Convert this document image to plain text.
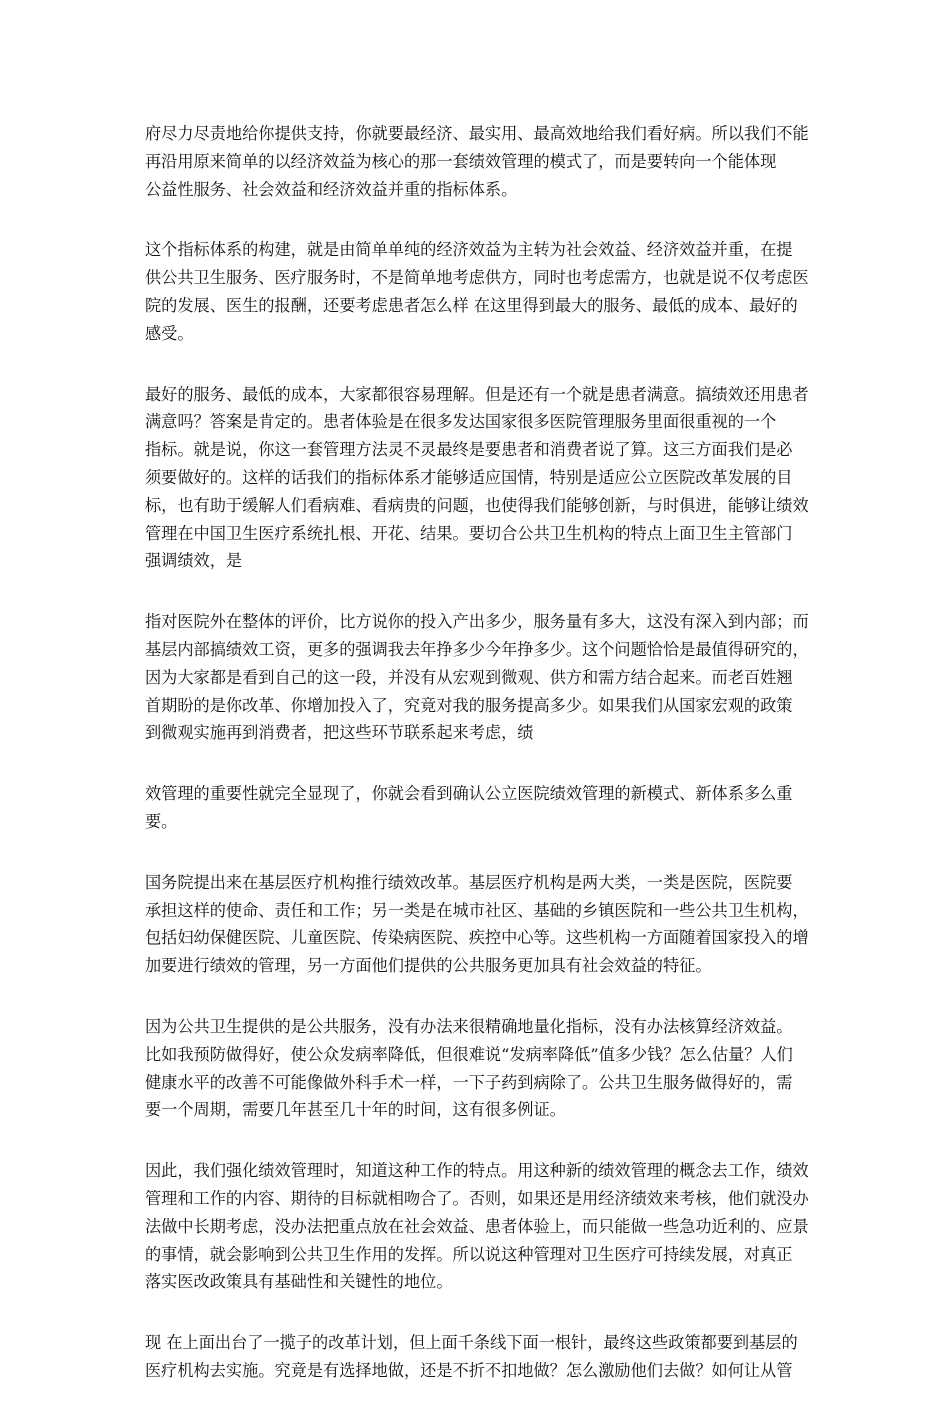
府尽力尽责地给你提供支持，你就要最经济、最实用、最高效地给我们看好病。所以我们不能
再沿用原来简单的以经济效益为核心的那一套绩效管理的模式了，而是要转向一个能体现
公益性服务、社会效益和经济效益并重的指标体系。

这个指标体系的构建，就是由简单单纯的经济效益为主转为社会效益、经济效益并重，在提
供公共卫生服务、医疗服务时，不是简单地考虑供方，同时也考虑需方，也就是说不仅考虑医
院的发展、医生的报酬，还要考虑患者怎么样 在这里得到最大的服务、最低的成本、最好的
感受。

最好的服务、最低的成本，大家都很容易理解。但是还有一个就是患者满意。搞绩效还用患者
满意吗？答案是肯定的。患者体验是在很多发达国家很多医院管理服务里面很重视的一个
指标。就是说，你这一套管理方法灵不灵最终是要患者和消费者说了算。这三方面我们是必
须要做好的。这样的话我们的指标体系才能够适应国情，特别是适应公立医院改革发展的目
标，也有助于缓解人们看病难、看病贵的问题，也使得我们能够创新，与时俱进，能够让绩效
管理在中国卫生医疗系统扎根、开花、结果。要切合公共卫生机构的特点上面卫生主管部门
强调绩效，是

指对医院外在整体的评价，比方说你的投入产出多少，服务量有多大，这没有深入到内部；而
基层内部搞绩效工资，更多的强调我去年挣多少今年挣多少。这个问题恰恰是最值得研究的，
因为大家都是看到自己的这一段，并没有从宏观到微观、供方和需方结合起来。而老百姓翘
首期盼的是你改革、你增加投入了，究竟对我的服务提高多少。如果我们从国家宏观的政策
到微观实施再到消费者，把这些环节联系起来考虑，绩

效管理的重要性就完全显现了，你就会看到确认公立医院绩效管理的新模式、新体系多么重
要。

国务院提出来在基层医疗机构推行绩效改革。基层医疗机构是两大类，一类是医院，医院要
承担这样的使命、责任和工作；另一类是在城市社区、基础的乡镇医院和一些公共卫生机构，
包括妇幼保健医院、儿童医院、传染病医院、疾控中心等。这些机构一方面随着国家投入的增
加要进行绩效的管理，另一方面他们提供的公共服务更加具有社会效益的特征。

因为公共卫生提供的是公共服务，没有办法来很精确地量化指标，没有办法核算经济效益。
比如我预防做得好，使公众发病率降低，但很难说“发病率降低”值多少钱？怎么估量？人们
健康水平的改善不可能像做外科手术一样，一下子药到病除了。公共卫生服务做得好的，需
要一个周期，需要几年甚至几十年的时间，这有很多例证。

因此，我们强化绩效管理时，知道这种工作的特点。用这种新的绩效管理的概念去工作，绩效
管理和工作的内容、期待的目标就相吻合了。否则，如果还是用经济绩效来考核，他们就没办
法做中长期考虑，没办法把重点放在社会效益、患者体验上，而只能做一些急功近利的、应景
的事情，就会影响到公共卫生作用的发挥。所以说这种管理对卫生医疗可持续发展，对真正
落实医改政策具有基础性和关键性的地位。

现 在上面出台了一揽子的改革计划，但上面千条线下面一根针，最终这些政策都要到基层的
医疗机构去实施。究竟是有选择地做，还是不折不扣地做？怎么激励他们去做？如何让从管
